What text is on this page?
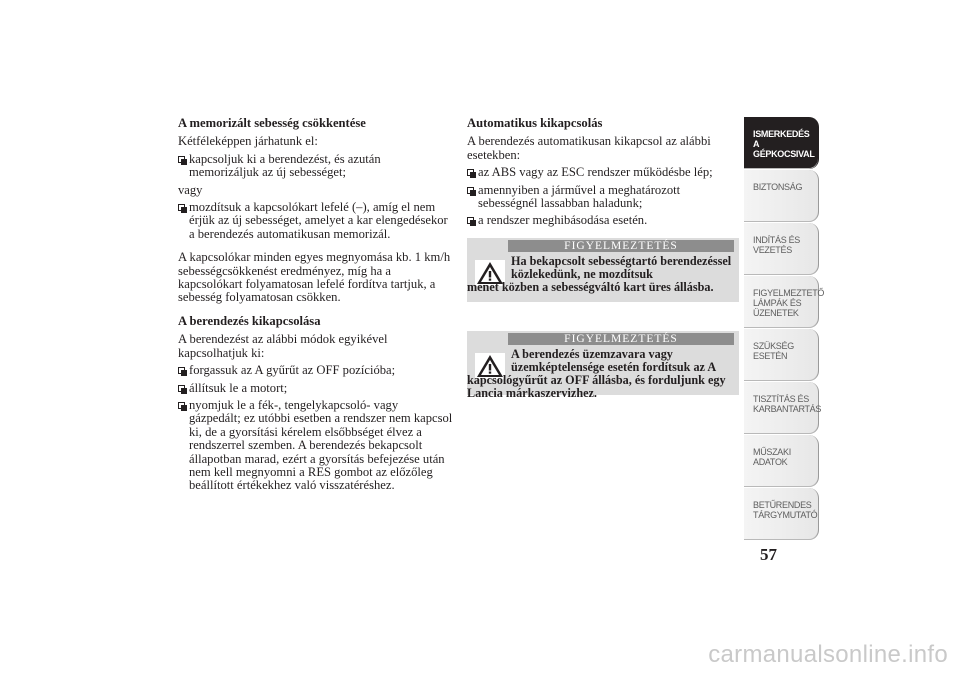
A memorizált sebesség csökkentése
Kétféleképpen járhatunk el:
kapcsoljuk ki a berendezést, és azután memorizáljuk az új sebességet;
vagy
mozdítsuk a kapcsolókart lefelé (–), amíg el nem érjük az új sebességet, amelyet a kar elengedésekor a berendezés automatikusan memorizál.
A kapcsolókar minden egyes megnyomása kb. 1 km/h sebességcsökkenést eredményez, míg ha a kapcsolókart folyamatosan lefelé fordítva tartjuk, a sebesség folyamatosan csökken.
A berendezés kikapcsolása
A berendezést az alábbi módok egyikével kapcsolhatjuk ki:
forgassuk az A gyűrűt az OFF pozícióba;
állítsuk le a motort;
nyomjuk le a fék-, tengelykapcsoló- vagy gázpedált; ez utóbbi esetben a rendszer nem kapcsol ki, de a gyorsítási kérelem elsőbbséget élvez a rendszerrel szemben. A berendezés bekapcsolt állapotban marad, ezért a gyorsítás befejezése után nem kell megnyomni a RES gombot az előzőleg beállított értékekhez való visszatéréshez.
Automatikus kikapcsolás
A berendezés automatikusan kikapcsol az alábbi esetekben:
az ABS vagy az ESC rendszer működésbe lép;
amennyiben a járművel a meghatározott sebességnél lassabban haladunk;
a rendszer meghibásodása esetén.
FIGYELMEZTETÉS
Ha bekapcsolt sebességtartó berendezéssel közlekedünk, ne mozdítsuk
menet közben a sebességváltó kart üres állásba.
FIGYELMEZTETÉS
A berendezés üzemzavara vagy üzemképtelensége esetén fordítsuk az A
kapcsológyűrűt az OFF állásba, és forduljunk egy Lancia márkaszervizhez.
ISMERKEDÉS A GÉPKOCSIVAL
BIZTONSÁG
INDÍTÁS ÉS VEZETÉS
FIGYELMEZTETŐ LÁMPÁK ÉS ÜZENETEK
SZÜKSÉG ESETÉN
TISZTÍTÁS ÉS KARBANTARTÁS
MŰSZAKI ADATOK
BETŰRENDES TÁRGYMUTATÓ
57
carmanualsonline.info
